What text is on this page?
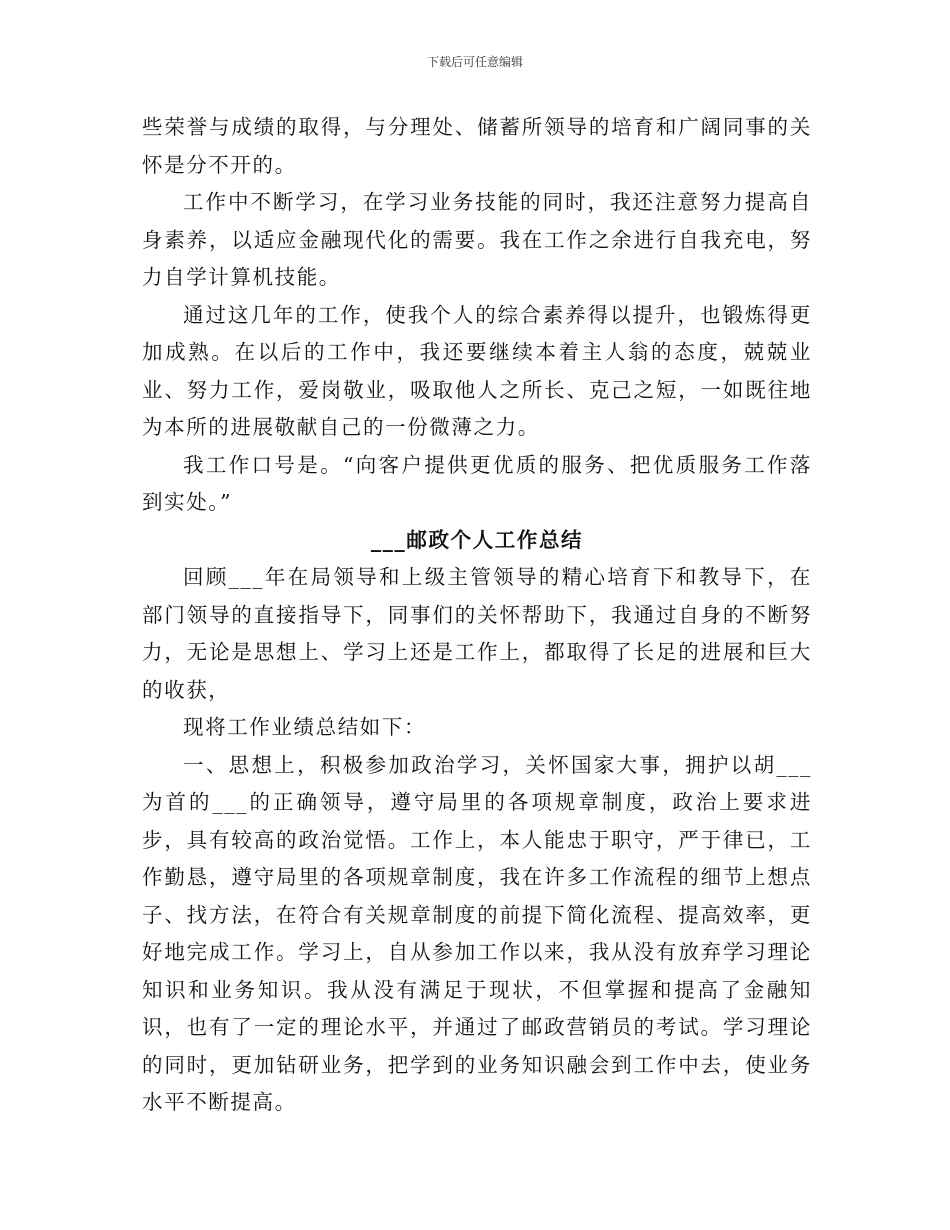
下载后可任意编辑

些荣誉与成绩的取得，与分理处、储蓄所领导的培育和广阔同事的关怀是分不开的。

工作中不断学习，在学习业务技能的同时，我还注意努力提高自身素养，以适应金融现代化的需要。我在工作之余进行自我充电，努力自学计算机技能。

通过这几年的工作，使我个人的综合素养得以提升，也锻炼得更加成熟。在以后的工作中，我还要继续本着主人翁的态度，兢兢业业、努力工作，爱岗敬业，吸取他人之所长、克己之短，一如既往地为本所的进展敬献自己的一份微薄之力。

我工作口号是。“向客户提供更优质的服务、把优质服务工作落到实处。”

___邮政个人工作总结

回顾___年在局领导和上级主管领导的精心培育下和教导下，在部门领导的直接指导下，同事们的关怀帮助下，我通过自身的不断努力，无论是思想上、学习上还是工作上，都取得了长足的进展和巨大的收获，

现将工作业绩总结如下：

一、思想上，积极参加政治学习，关怀国家大事，拥护以胡___为首的___的正确领导，遵守局里的各项规章制度，政治上要求进步，具有较高的政治觉悟。工作上，本人能忠于职守，严于律已，工作勤恳，遵守局里的各项规章制度，我在许多工作流程的细节上想点子、找方法，在符合有关规章制度的前提下简化流程、提高效率，更好地完成工作。学习上，自从参加工作以来，我从没有放弃学习理论知识和业务知识。我从没有满足于现状，不但掌握和提高了金融知识，也有了一定的理论水平，并通过了邮政营销员的考试。学习理论的同时，更加钻研业务，把学到的业务知识融会到工作中去，使业务水平不断提高。
